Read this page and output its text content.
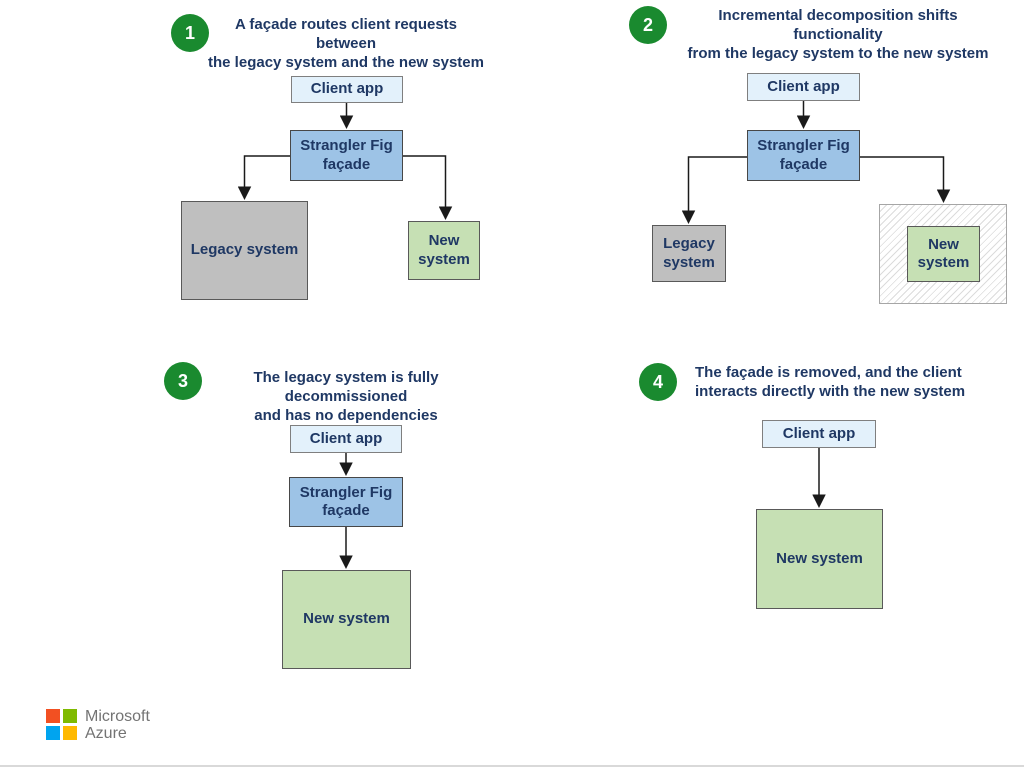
1	A façade routes client requests between
the legacy system and the new system
Client app
Strangler Fig façade
Legacy system
New system
2	Incremental decomposition shifts functionality
from the legacy system to the new system
Client app
Strangler Fig façade
Legacy system
New system
3	The legacy system is fully decommissioned
and has no dependencies
Client app
Strangler Fig façade
New system
4 The façade is removed, and the client
interacts directly with the new system
Client app
New system
Microsoft
Azure
